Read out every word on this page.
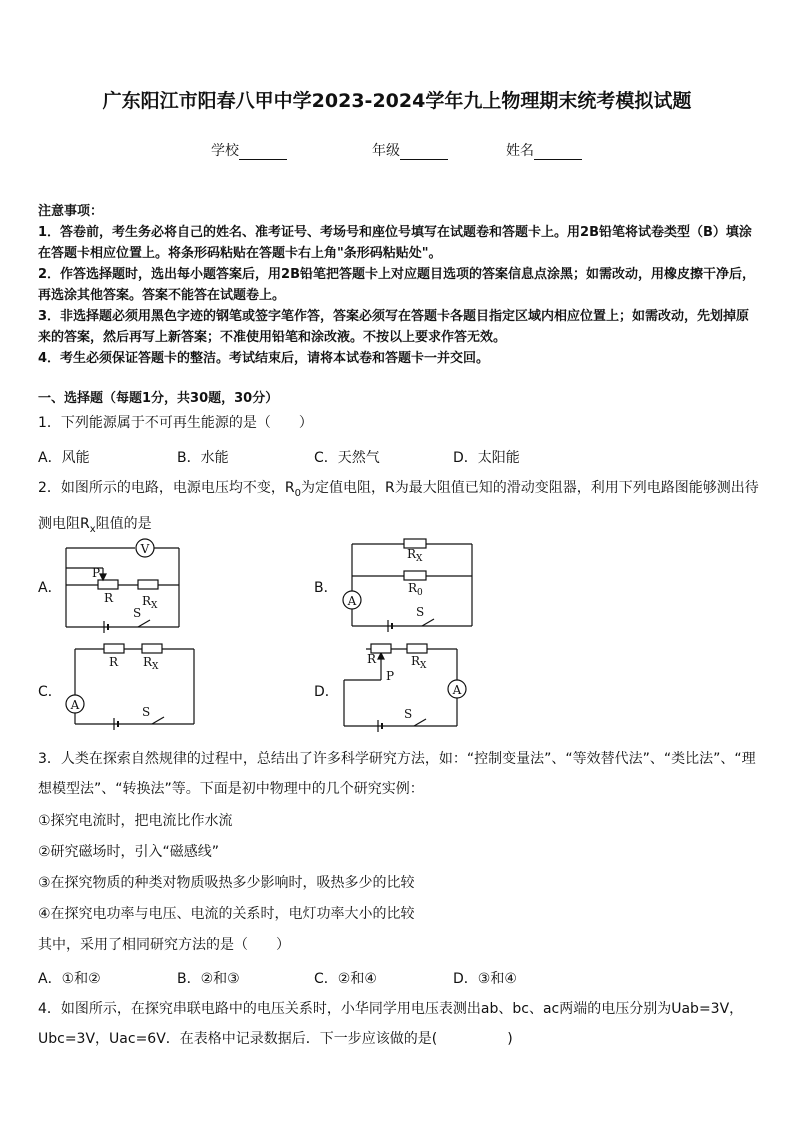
广东阳江市阳春八甲中学2023-2024学年九上物理期末统考模拟试题
学校	年级	姓名
注意事项：
1．答卷前，考生务必将自己的姓名、准考证号、考场号和座位号填写在试题卷和答题卡上。用2B铅笔将试卷类型（B）填涂在答题卡相应位置上。将条形码粘贴在答题卡右上角"条形码粘贴处"。
2．作答选择题时，选出每小题答案后，用2B铅笔把答题卡上对应题目选项的答案信息点涂黑；如需改动，用橡皮擦干净后，再选涂其他答案。答案不能答在试题卷上。
3．非选择题必须用黑色字迹的钢笔或签字笔作答，答案必须写在答题卡各题目指定区域内相应位置上；如需改动，先划掉原来的答案，然后再写上新答案；不准使用铅笔和涂改液。不按以上要求作答无效。
4．考生必须保证答题卡的整洁。考试结束后，请将本试卷和答题卡一并交回。
一、选择题（每题1分，共30题，30分）
1．下列能源属于不可再生能源的是（　　）
A．风能	B．水能	C．天然气	D．太阳能
2．如图所示的电路，电源电压均不变，$R_0$为定值电阻，R为最大阻值已知的滑动变阻器，利用下列电路图能够测出待测电阻$R_x$阻值的是
A．	B．
C．	D．
V
P
R $R_X$
S
$R_X$
$R_0$
A
S
R $R_X$
A	S
R
P
$R_X$
A
S
3．人类在探索自然规律的过程中，总结出了许多科学研究方法，如：“控制变量法”、“等效替代法”、“类比法”、“理想模型法”、“转换法”等。下面是初中物理中的几个研究实例：
①探究电流时，把电流比作水流
②研究磁场时，引入“磁感线”
③在探究物质的种类对物质吸热多少影响时，吸热多少的比较
④在探究电功率与电压、电流的关系时，电灯功率大小的比较
其中，采用了相同研究方法的是（　　）
A．①和②	B．②和③	C．②和④	D．③和④
4．如图所示，在探究串联电路中的电压关系时，小华同学用电压表测出ab、bc、ac两端的电压分别为Uab=3V，Ubc=3V，Uac=6V．在表格中记录数据后．下一步应该做的是(　　　　　)
